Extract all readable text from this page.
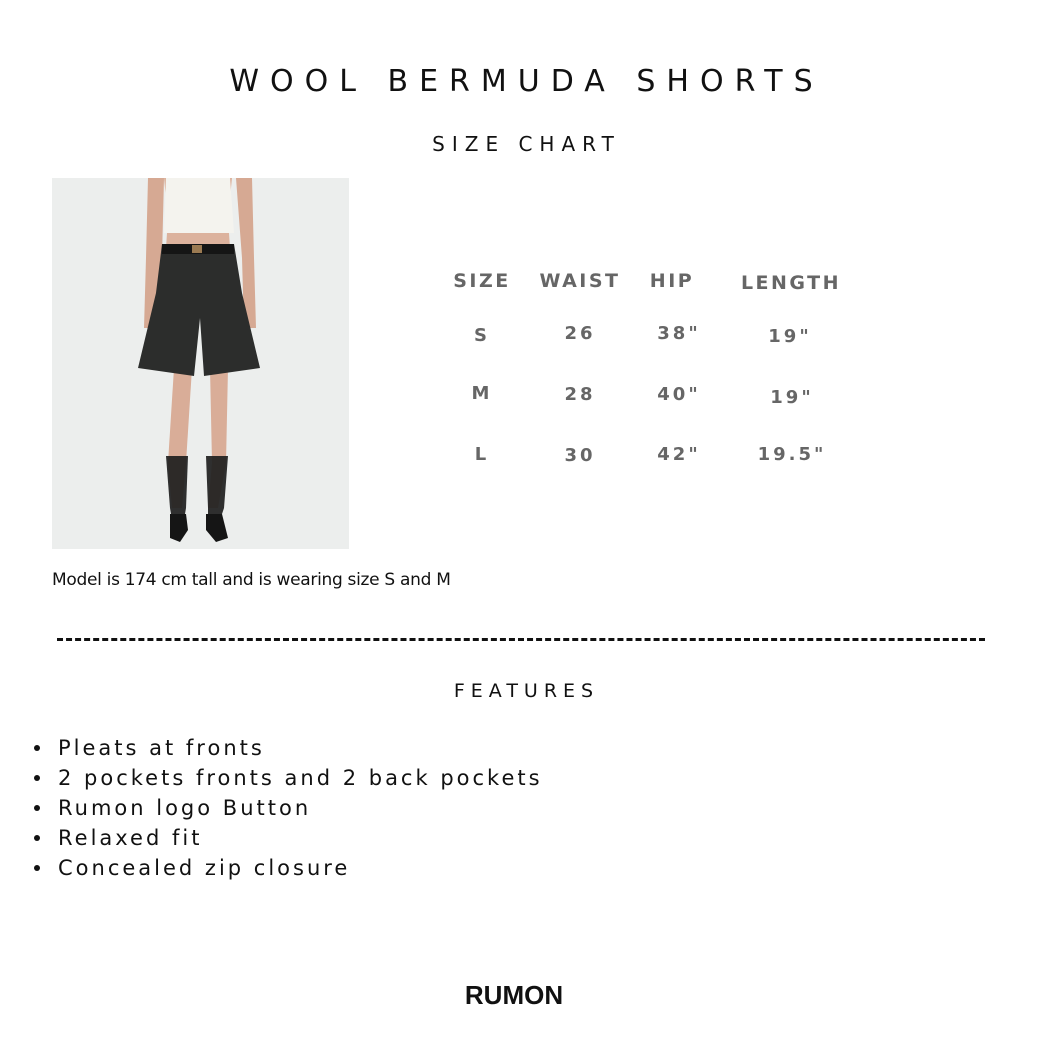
WOOL BERMUDA SHORTS
SIZE CHART
SIZE WAIST HIP LENGTH
S	26	38"	19"
M	28	40"	19"
L	30	42"	19.5"
Model is 174 cm tall and is wearing size S and M
FEATURES
Pleats at fronts
2 pockets fronts and 2 back pockets
Rumon logo Button
Relaxed fit
Concealed zip closure
RUMON
